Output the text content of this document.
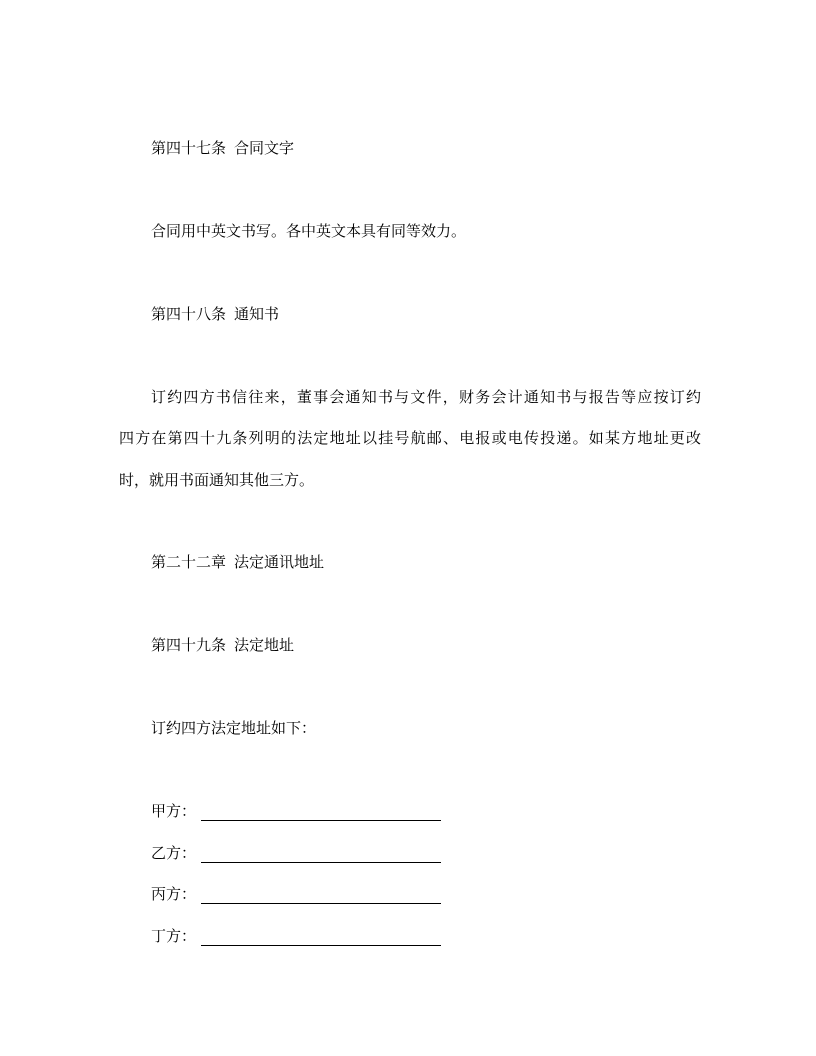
第四十七条 合同文字
合同用中英文书写。各中英文本具有同等效力。
第四十八条 通知书
订约四方书信往来，董事会通知书与文件，财务会计通知书与报告等应按订约
四方在第四十九条列明的法定地址以挂号航邮、电报或电传投递。如某方地址更改
时，就用书面通知其他三方。
第二十二章 法定通讯地址
第四十九条 法定地址
订约四方法定地址如下：
甲方：
乙方：
丙方：
丁方：
